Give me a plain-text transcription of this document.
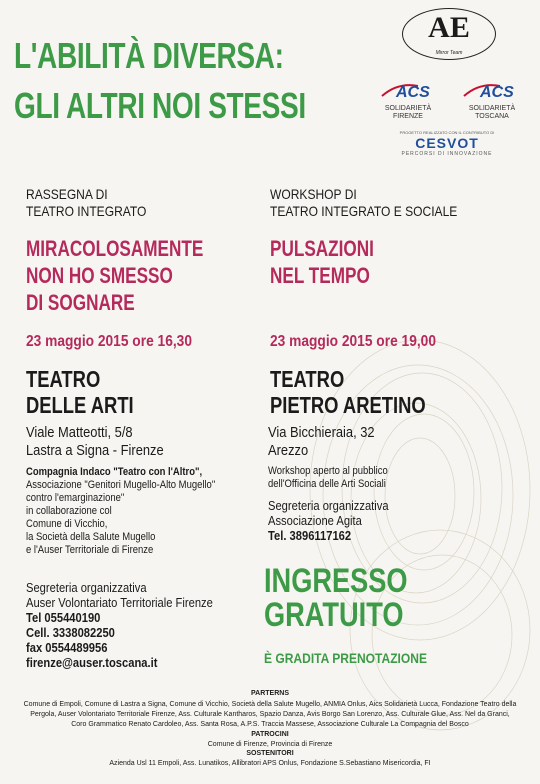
L'ABILITÀ DIVERSA:
GLI ALTRI NOI STESSI
AE
Mirror Team
ACS
SOLIDARIETÀ
FIRENZE
ACS
SOLIDARIETÀ
TOSCANA
PROGETTO REALIZZATO CON IL CONTRIBUTO DI
CESVOT
PERCORSI DI INNOVAZIONE
RASSEGNA DI
TEATRO INTEGRATO
MIRACOLOSAMENTE
NON HO SMESSO
DI SOGNARE
23 maggio 2015 ore 16,30
TEATRO
DELLE ARTI
Viale Matteotti, 5/8
Lastra a Signa - Firenze
Compagnia Indaco "Teatro con l'Altro",
Associazione "Genitori Mugello-Alto Mugello"
contro l'emarginazione"
in collaborazione col
Comune di Vicchio,
la Società della Salute Mugello
e l'Auser Territoriale di Firenze
Segreteria organizzativa
Auser Volontariato Territoriale Firenze
Tel 055440190
Cell. 3338082250
fax 0554489956
firenze@auser.toscana.it
WORKSHOP DI
TEATRO INTEGRATO E SOCIALE
PULSAZIONI
NEL TEMPO
23 maggio 2015 ore 19,00
TEATRO
PIETRO ARETINO
Via Bicchieraia, 32
Arezzo
Workshop aperto al pubblico
dell'Officina delle Arti Sociali
Segreteria organizzativa
Associazione Agita
Tel. 3896117162
INGRESSO
GRATUITO
È GRADITA PRENOTAZIONE
PARTERNS
Comune di Empoli, Comune di Lastra a Signa, Comune di Vicchio, Società della Salute Mugello, ANMIA Onlus, Aics Solidarietà Lucca, Fondazione Teatro della
Pergola, Auser Volontariato Territoriale Firenze, Ass. Culturale Kantharos, Spazio Danza, Avis Borgo San Lorenzo, Ass. Culturale Glue, Ass. Nel da Granci,
Coro Grammatico Renato Cardoleo, Ass. Santa Rosa, A.P.S. Traccia Massese, Associazione Culturale La Compagnia del Bosco
PATROCINI
Comune di Firenze, Provincia di Firenze
SOSTENITORI
Azienda Usl 11 Empoli, Ass. Lunatikos, Allibratori APS Onlus, Fondazione S.Sebastiano Misericordia, FI
